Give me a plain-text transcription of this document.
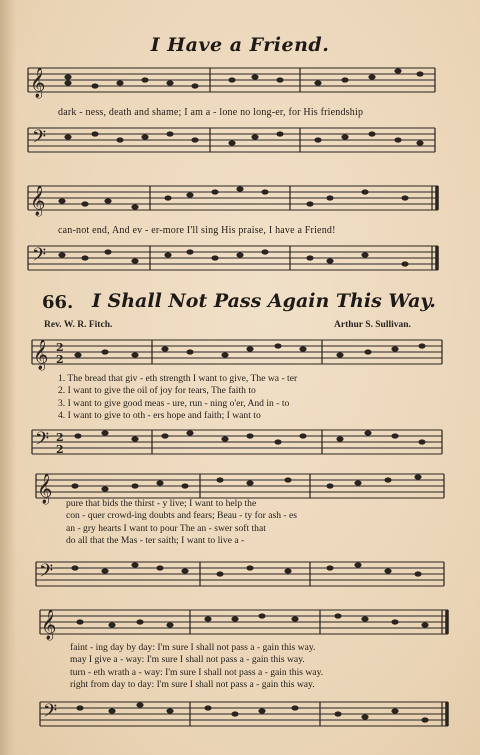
I Have a Friend.
𝄞
dark - ness, death and shame; I am a - lone no long-er, for His friendship
𝄢
𝄞
can-not end, And ev - er-more I'll sing His praise, I have a Friend!
𝄢
66. I Shall Not Pass Again This Way.
Rev. W. R. Fitch.	Arthur S. Sullivan.
𝄞 2
2
1. The bread that giv - eth strength I want to give, The wa - ter
2. I want to give the oil of joy for tears, The faith to
3. I want to give good meas - ure, run - ning o'er, And in - to
4. I want to give to oth - ers hope and faith; I want to
𝄢 2
2
𝄞 pure that bids the thirst - y live; I want to help the
con - quer crowd-ing doubts and fears; Beau - ty for ash - es
an - gry hearts I want to pour The an - swer soft that
do all that the Mas - ter saith; I want to live a -
𝄢
𝄞
faint - ing day by day: I'm sure I shall not pass a - gain this way.
may I give a - way: I'm sure I shall not pass a - gain this way.
turn - eth wrath a - way: I'm sure I shall not pass a - gain this way.
right from day to day: I'm sure I shall not pass a - gain this way.
𝄢
